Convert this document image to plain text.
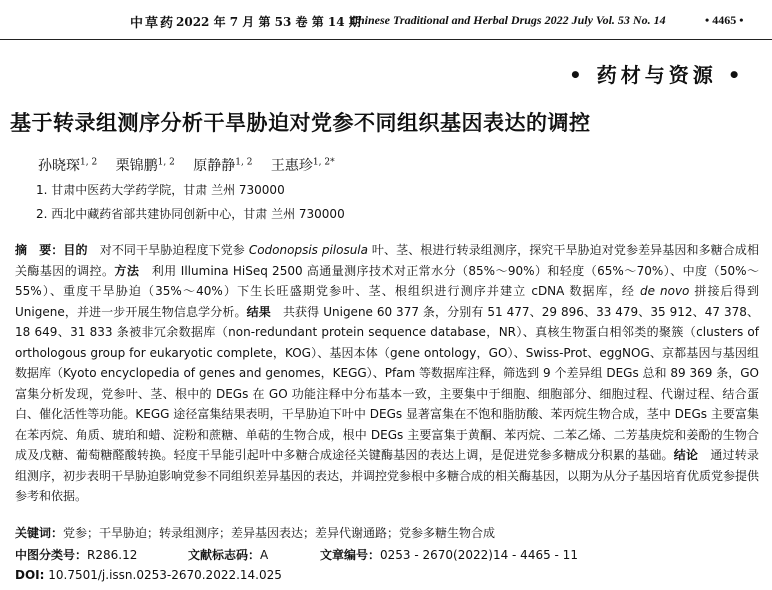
中草药 2022 年 7 月 第 53 卷 第 14 期
Chinese Traditional and Herbal Drugs 2022 July Vol. 53 No. 14	• 4465 •
• 药材与资源 •
基于转录组测序分析干旱胁迫对党参不同组织基因表达的调控
孙晓琛$^{1, 2}$ 栗锦鹏$^{1, 2}$ 原静静$^{1, 2}$ 王惠珍$^{1, 2*}$
1. 甘肃中医药大学药学院，甘肃 兰州 730000
2. 西北中藏药省部共建协同创新中心，甘肃 兰州 730000
摘　要：目的　 对不同干旱胁迫程度下党参 Codonopsis pilosula 叶、茎、根进行转录组测序，探究干旱胁迫对党参差异基因和多糖合成相关酶基因的调控。方法　 利用 Illumina HiSeq 2500 高通量测序技术对正常水分（85%～90%）和轻度（65%～70%）、中度（50%～55%）、重度干旱胁迫（35%～40%）下生长旺盛期党参叶、茎、根组织进行测序并建立 cDNA 数据库，经 de novo 拼接后得到 Unigene，并进一步开展生物信息学分析。结果　 共获得 Unigene 60 377 条，分别有 51 477、29 896、33 479、35 912、47 378、18 649、31 833 条被非冗余数据库（non-redundant protein sequence database，NR）、真核生物蛋白相邻类的聚簇（clusters of orthologous group for eukaryotic complete，KOG）、基因本体（gene ontology，GO）、Swiss-Prot、eggNOG、京都基因与基因组数据库（Kyoto encyclopedia of genes and genomes，KEGG）、Pfam 等数据库注释，筛选到 9 个差异组 DEGs 总和 89 369 条，GO 富集分析发现，党参叶、茎、根中的 DEGs 在 GO 功能注释中分布基本一致，主要集中于细胞、细胞部分、细胞过程、代谢过程、结合蛋白、催化活性等功能。KEGG 途径富集结果表明，干旱胁迫下叶中 DEGs 显著富集在不饱和脂肪酸、苯丙烷生物合成，茎中 DEGs 主要富集在苯丙烷、角质、琥珀和蜡、淀粉和蔗糖、单萜的生物合成，根中 DEGs 主要富集于黄酮、苯丙烷、二苯乙烯、二芳基庚烷和姜酚的生物合成及戊糖、葡萄糖醛酸转换。轻度干旱能引起叶中多糖合成途径关键酶基因的表达上调，是促进党参多糖成分积累的基础。结论　 通过转录组测序，初步表明干旱胁迫影响党参不同组织差异基因的表达，并调控党参根中多糖合成的相关酶基因，以期为从分子基因培育优质党参提供参考和依据。
关键词：党参；干旱胁迫；转录组测序；差异基因表达；差异代谢通路；党参多糖生物合成
中图分类号：R286.12	文献标志码：A	文章编号：0253 - 2670(2022)14 - 4465 - 11
DOI: 10.7501/j.issn.0253-2670.2022.14.025
